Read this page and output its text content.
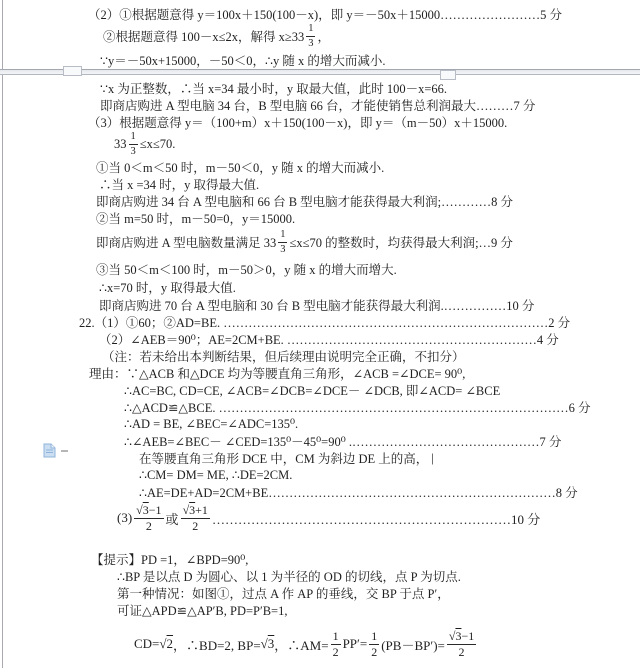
（2）①根据题意得 y＝100x＋150(100－x)，即 y＝－50x＋15000……………………5 分
②根据题意得 100－x≤2x，解得 $x\ge 33 \frac{1}{3}$ ，
∵y＝－50x+15000，－50＜0，∴y 随 x 的增大而减小.
∵x 为正整数，∴当 x=34 最小时，y 取最大值，此时 100－x=66.
即商店购进 A 型电脑 34 台，B 型电脑 66 台，才能使销售总利润最大………7 分
（3）根据题意得 y＝（100+m）x＋150(100－x)，即 y＝（m－50）x＋15000.
$33 \frac{1}{3} \le x\le 70$.
①当 0＜m＜50 时，m－50＜0，y 随 x 的增大而减小.
∴当 x =34 时，y 取得最大值.
即商店购进 34 台 A 型电脑和 66 台 B 型电脑才能获得最大利润;…………8 分
②当 m=50 时，m－50=0，y＝15000.
即商店购进 A 型电脑数量满足 $33 \frac{1}{3} \le x\le 70$ 的整数时，均获得最大利润;…9 分
③当 50＜m＜100 时，m－50＞0，y 随 x 的增大而增大.
∴x=70 时，y 取得最大值.
即商店购进 70 台 A 型电脑和 30 台 B 型电脑才能获得最大利润.……………10 分
22.（1）①60；②AD=BE. ……………………………………………………………………2 分
（2）∠AEB＝90⁰；AE=2CM+BE. ……………………………………………………4 分
（注：若未给出本判断结果，但后续理由说明完全正确，不扣分）
理由：∵△ACB 和△DCE 均为等腰直角三角形，∠ACB =∠DCE= 90⁰,
∴AC=BC, CD=CE, ∠ACB=∠DCB=∠DCE－ ∠DCB, 即∠ACD= ∠BCE
∴△ACD≌△BCE. …………………………………………………………………………6 分
∴AD = BE, ∠BEC=∠ADC=135⁰.
∴∠AEB=∠BEC－ ∠CED=135⁰－45⁰=90⁰ .………………………………………7 分
在等腰直角三角形 DCE 中，CM 为斜边 DE 上的高， |
∴CM= DM= ME, ∴DE=2CM.
∴AE=DE+AD=2CM+BE……………………………………………………………8 分
$(3) \frac{√ 3 -1}{2}$ 或 $\frac{√ 3 +1}{2}$ ……………………………………………………………10 分
【提示】PD =1，∠BPD=90⁰,
∴BP 是以点 D 为圆心、以 1 为半径的 OD 的切线，点 P 为切点.
第一种情况：如图①，过点 A 作 AP 的垂线，交 BP 于点 P′，
可证△APD≌△AP′B, PD=P′B=1,
CD= √ 2 ，∴BD=2, BP= √ 3 ，∴AM= $\frac{1}{2} PP'= \frac{1}{2} (PB-BP')= \frac{√ 3 -1}{2}$
